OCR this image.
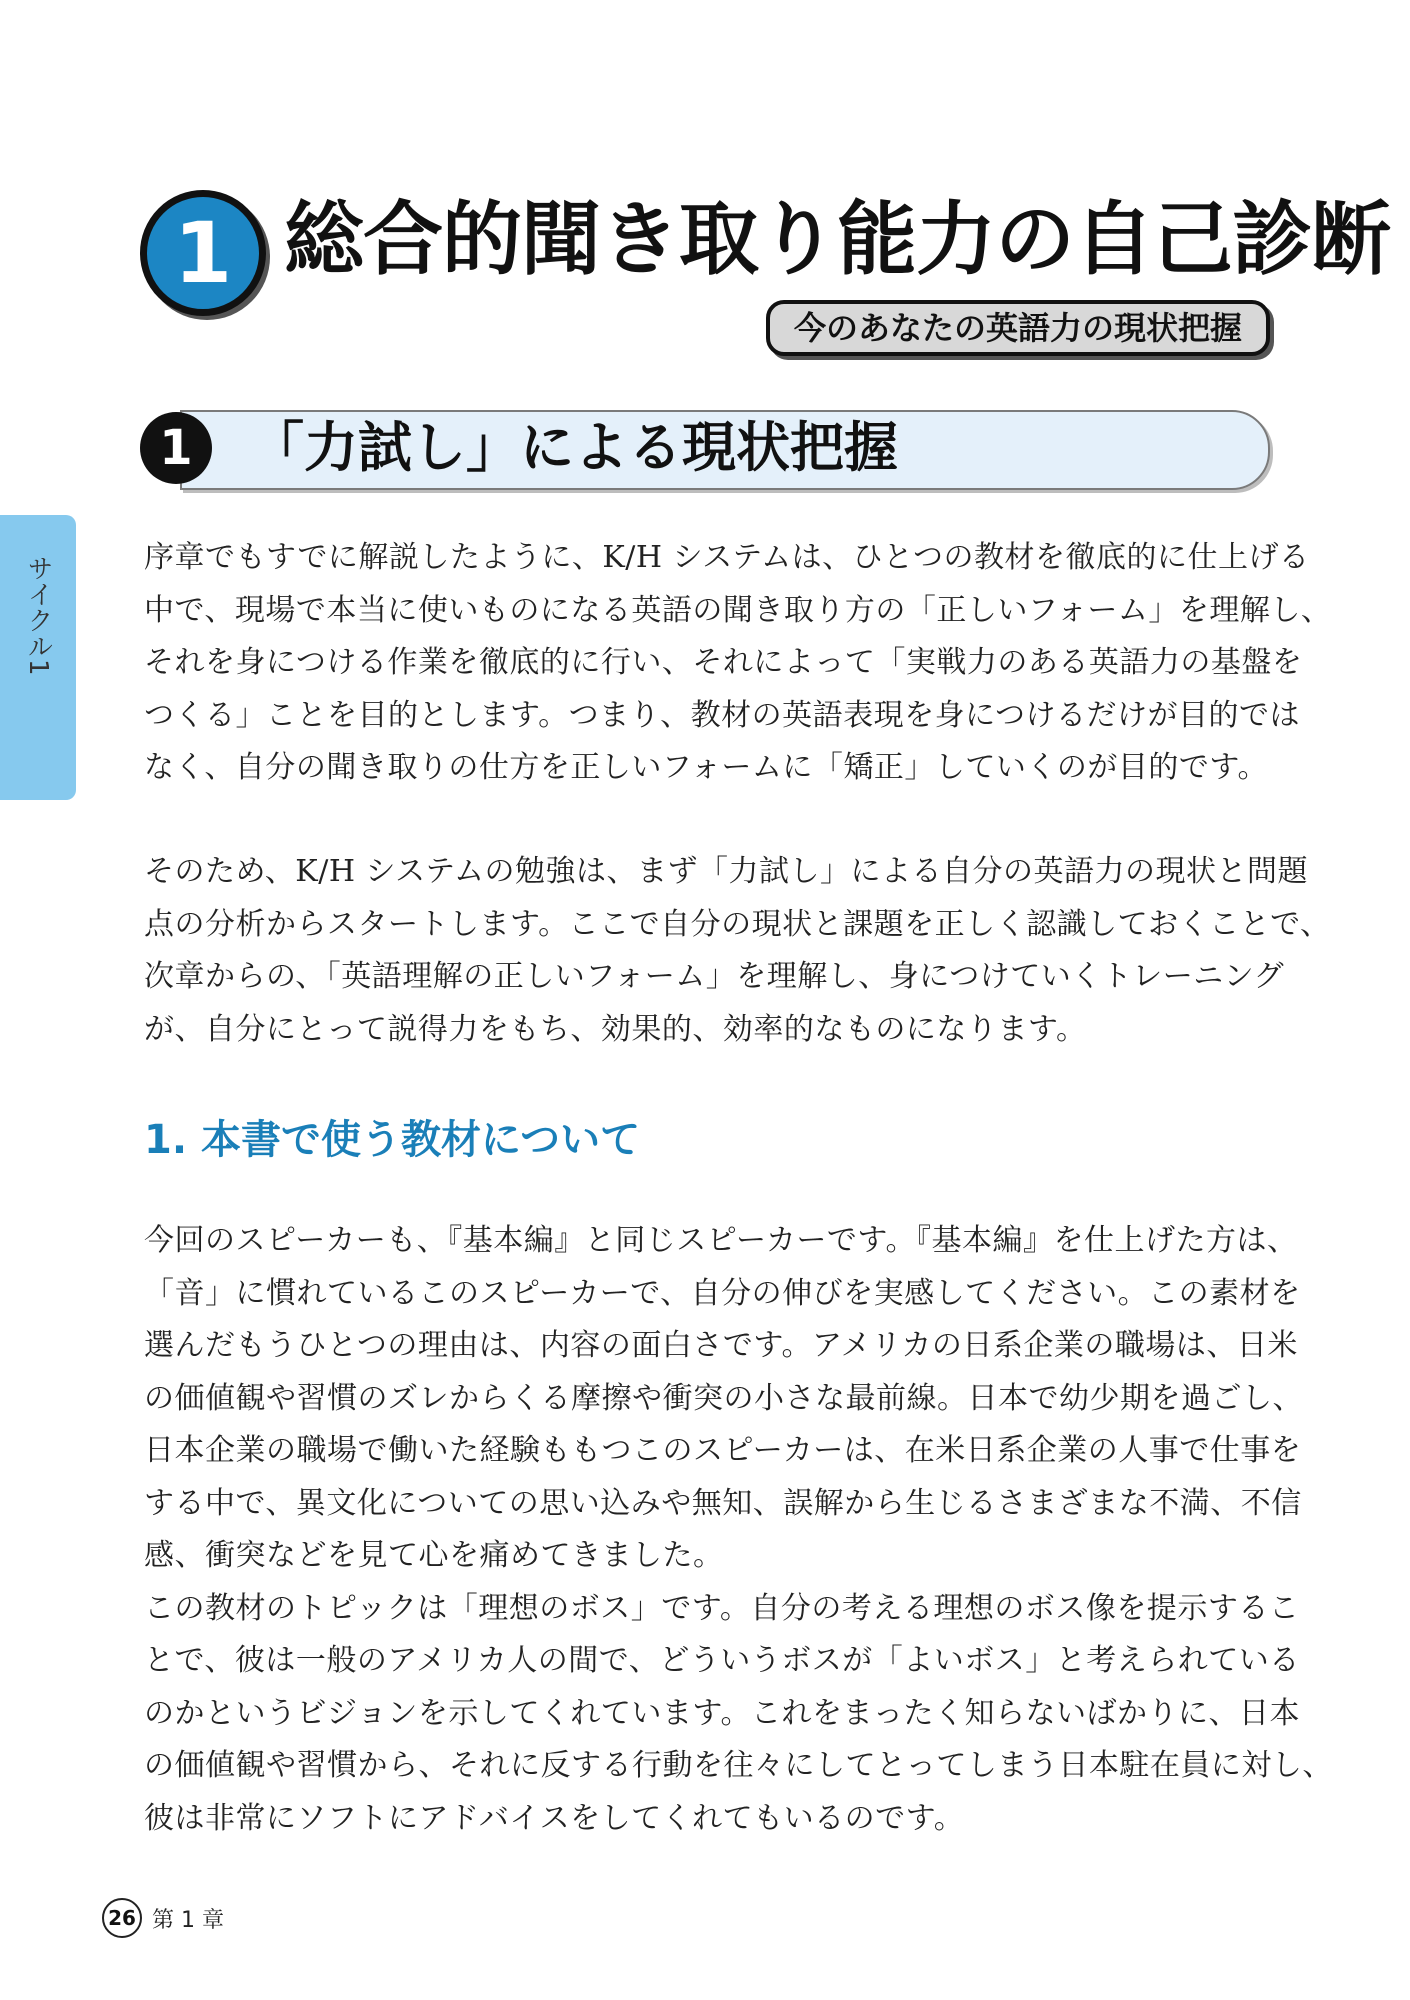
1 総合的聞き取り能力の自己診断
今のあなたの英語力の現状把握
1	「力試し」による現状把握
サイクル1	序章でもすでに解説したように、K/H システムは、ひとつの教材を徹底的に仕上げる
中で、現場で本当に使いものになる英語の聞き取り方の「正しいフォーム」を理解し、
それを身につける作業を徹底的に行い、それによって「実戦力のある英語力の基盤を
つくる」ことを目的とします。つまり、教材の英語表現を身につけるだけが目的では
なく、自分の聞き取りの仕方を正しいフォームに「矯正」していくのが目的です。
そのため、K/H システムの勉強は、まず「力試し」による自分の英語力の現状と問題
点の分析からスタートします。ここで自分の現状と課題を正しく認識しておくことで、
次章からの、「英語理解の正しいフォーム」を理解し、身につけていくトレーニング
が、自分にとって説得力をもち、効果的、効率的なものになります。
1. 本書で使う教材について
今回のスピーカーも、『基本編』と同じスピーカーです。『基本編』を仕上げた方は、
「音」に慣れているこのスピーカーで、自分の伸びを実感してください。この素材を
選んだもうひとつの理由は、内容の面白さです。アメリカの日系企業の職場は、日米
の価値観や習慣のズレからくる摩擦や衝突の小さな最前線。日本で幼少期を過ごし、
日本企業の職場で働いた経験ももつこのスピーカーは、在米日系企業の人事で仕事を
する中で、異文化についての思い込みや無知、誤解から生じるさまざまな不満、不信
感、衝突などを見て心を痛めてきました。
この教材のトピックは「理想のボス」です。自分の考える理想のボス像を提示するこ
とで、彼は一般のアメリカ人の間で、どういうボスが「よいボス」と考えられている
のかというビジョンを示してくれています。これをまったく知らないばかりに、日本
の価値観や習慣から、それに反する行動を往々にしてとってしまう日本駐在員に対し、
彼は非常にソフトにアドバイスをしてくれてもいるのです。
26 第 1 章
